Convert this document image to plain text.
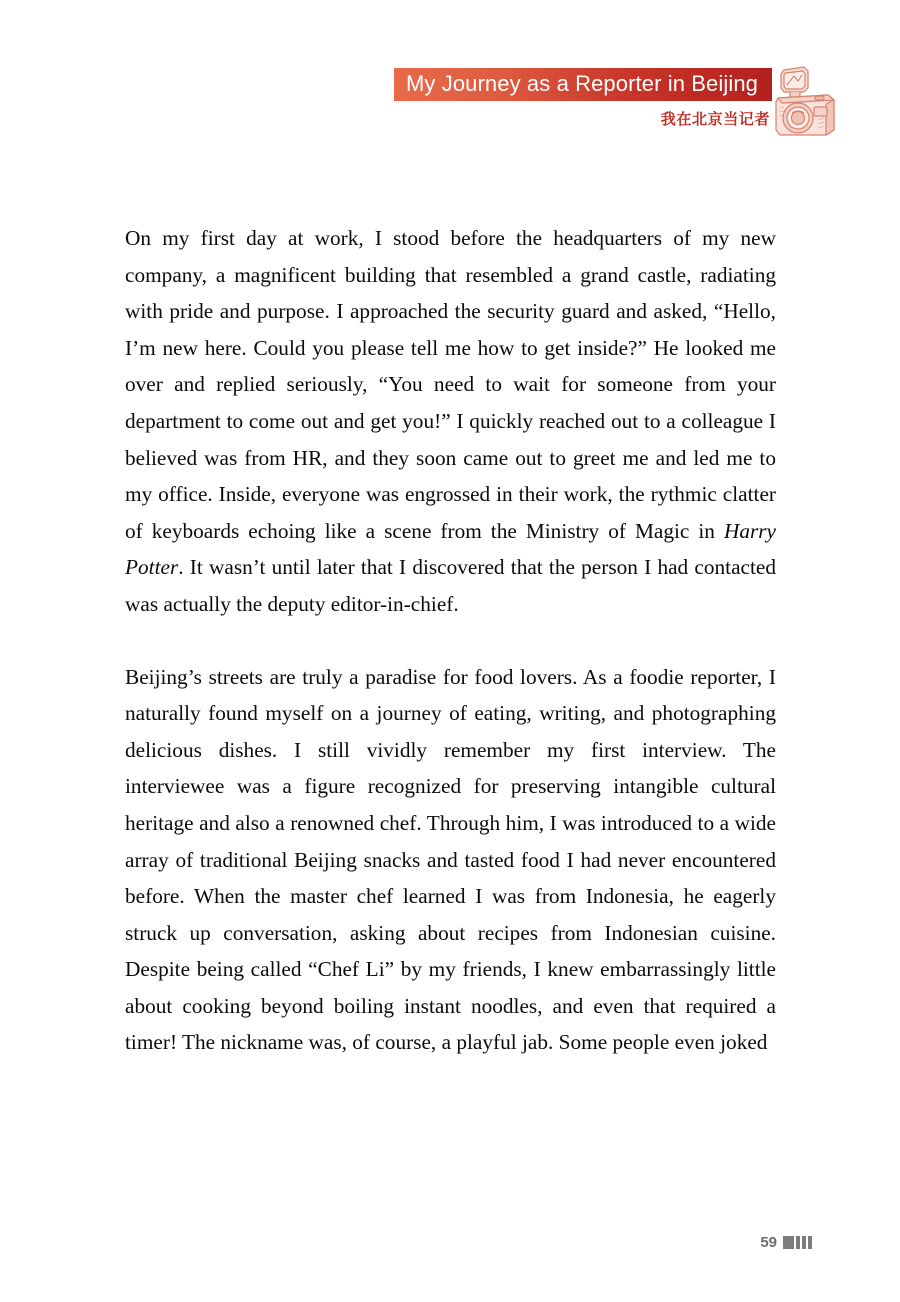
My Journey as a Reporter in Beijing
我在北京当记者

On my first day at work, I stood before the headquarters of my new company, a magnificent building that resembled a grand castle, radiating with pride and purpose. I approached the security guard and asked, “Hello, I’m new here. Could you please tell me how to get inside?” He looked me over and replied seriously, “You need to wait for someone from your department to come out and get you!” I quickly reached out to a colleague I believed was from HR, and they soon came out to greet me and led me to my office. Inside, everyone was engrossed in their work, the rythmic clatter of keyboards echoing like a scene from the Ministry of Magic in Harry Potter. It wasn’t until later that I discovered that the person I had contacted was actually the deputy editor-in-chief.

Beijing’s streets are truly a paradise for food lovers. As a foodie reporter, I naturally found myself on a journey of eating, writing, and photographing delicious dishes. I still vividly remember my first interview. The interviewee was a figure recognized for preserving intangible cultural heritage and also a renowned chef. Through him, I was introduced to a wide array of traditional Beijing snacks and tasted food I had never encountered before. When the master chef learned I was from Indonesia, he eagerly struck up conversation, asking about recipes from Indonesian cuisine. Despite being called “Chef Li” by my friends, I knew embarrassingly little about cooking beyond boiling instant noodles, and even that required a timer! The nickname was, of course, a playful jab. Some people even joked

59
